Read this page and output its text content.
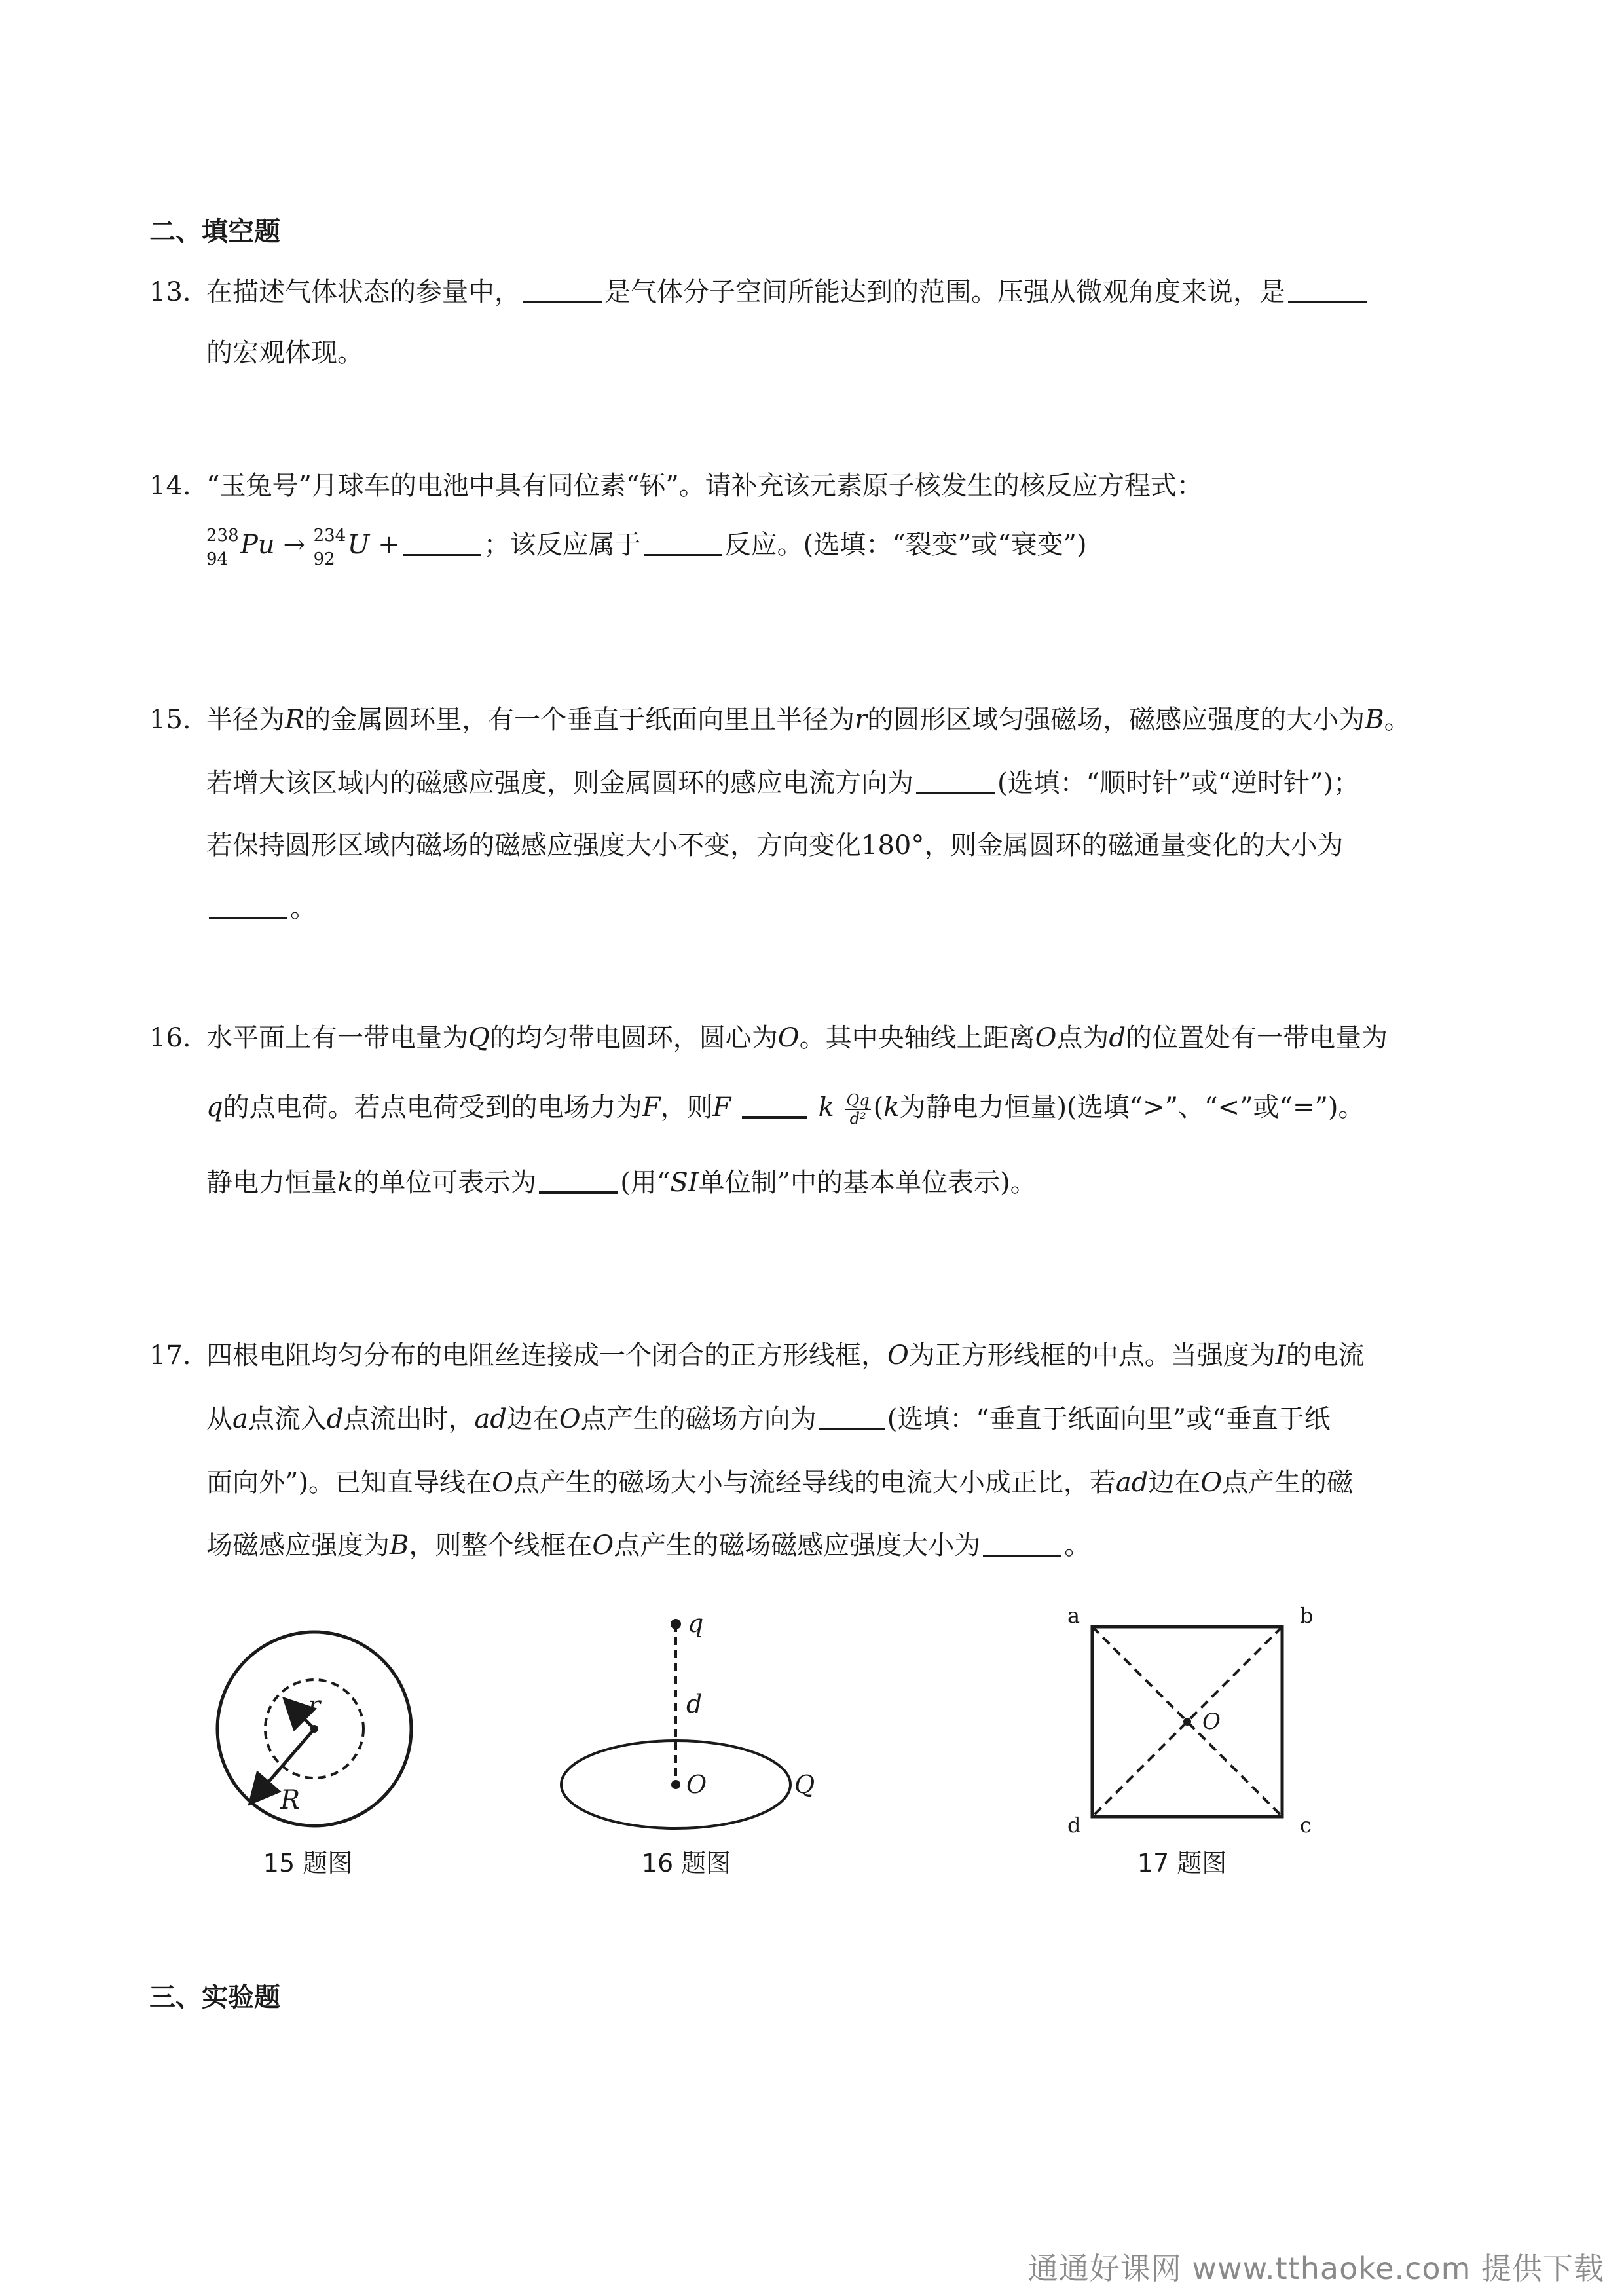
二、填空题
13. 在描述气体状态的参量中，	是气体分子空间所能达到的范围。压强从微观角度来说，是
的宏观体现。
14. “玉兔号”月球车的电池中具有同位素“钚”。请补充该元素原子核发生的核反应方程式：
238
94 Pu → 234
92 U +	；该反应属于	反应。(选填：“裂变”或“衰变”)
15. 半径为R的金属圆环里，有一个垂直于纸面向里且半径为r的圆形区域匀强磁场，磁感应强度的大小为B。
若增大该区域内的磁感应强度，则金属圆环的感应电流方向为	(选填：“顺时针”或“逆时针”)；
若保持圆形区域内磁场的磁感应强度大小不变，方向变化180°，则金属圆环的磁通量变化的大小为
。
16. 水平面上有一带电量为Q的均匀带电圆环，圆心为O。其中央轴线上距离O点为d的位置处有一带电量为
q的点电荷。若点电荷受到的电场力为F，则F	k $\frac{Qq}{\text{d²}} (k$为静电力恒量)(选填“>”、“<”或“=”)。
静电力恒量k的单位可表示为	(用“SI单位制”中的基本单位表示)。
17. 四根电阻均匀分布的电阻丝连接成一个闭合的正方形线框，O为正方形线框的中点。当强度为I的电流
从a点流入d点流出时，ad边在O点产生的磁场方向为	(选填：“垂直于纸面向里”或“垂直于纸
面向外”)。已知直导线在O点产生的磁场大小与流经导线的电流大小成正比，若ad边在O点产生的磁
场磁感应强度为B，则整个线框在O点产生的磁场磁感应强度大小为	。
r
R
15 题图
q
d
O	Q
16 题图
a	b
c
d
O
17 题图
三、实验题
通通好课网 www.tthaoke.com 提供下载
